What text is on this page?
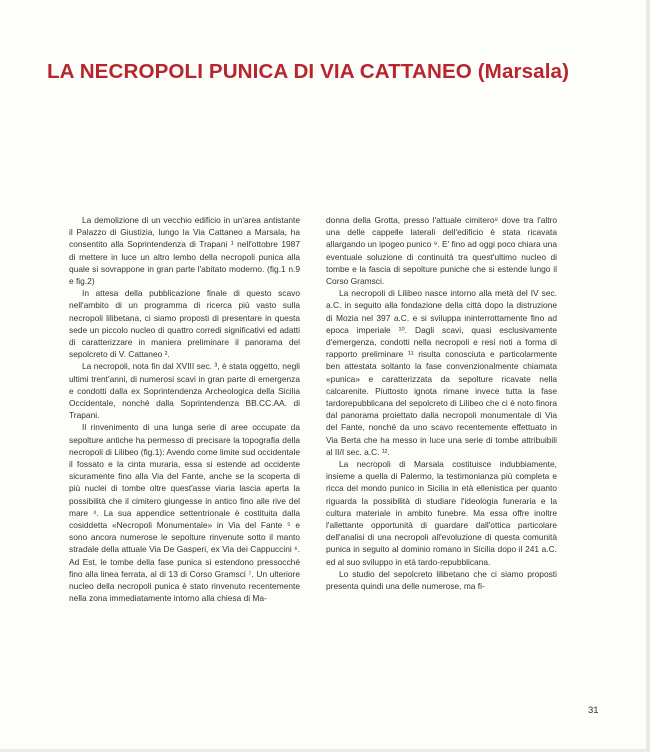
LA NECROPOLI PUNICA DI VIA CATTANEO (Marsala)

La demolizione di un vecchio edificio in un'area antistante il Palazzo di Giustizia, lungo la Via Cattaneo a Marsala, ha consentito alla Soprintendenza di Trapani ¹ nell'ottobre 1987 di mettere in luce un altro lembo della necropoli punica alla quale si sovrappone in gran parte l'abitato moderno. (fig.1 n.9 e fig.2)

In attesa della pubblicazione finale di questo scavo nell'ambito di un programma di ricerca più vasto sulla necropoli lilibetana, ci siamo proposti di presentare in questa sede un piccolo nucleo di quattro corredi significativi ed adatti di caratterizzare in maniera preliminare il panorama del sepolcreto di V. Cattaneo ².

La necropoli, nota fin dal XVIII sec. ³, è stata oggetto, negli ultimi trent'anni, di numerosi scavi in gran parte di emergenza e condotti dalla ex Soprintendenza Archeologica della Sicilia Occidentale, nonché dalla Soprintendenza BB.CC.AA. di Trapani.

Il rinvenimento di una lunga serie di aree occupate da sepolture antiche ha permesso di precisare la topografia della necropoli di Lilibeo (fig.1): Avendo come limite sud occidentale il fossato e la cinta muraria, essa si estende ad occidente sicuramente fino alla Via del Fante, anche se la scoperta di più nuclei di tombe oltre quest'asse viaria lascia aperta la possibilità che il cimitero giungesse in antico fino alle rive del mare ⁴. La sua appendice settentrionale è costituita dalla cosiddetta «Necropoli Monumentale» in Via del Fante ⁵ e sono ancora numerose le sepolture rinvenute sotto il manto stradale della attuale Via De Gasperi, ex Via dei Cappuccini ⁶. Ad Est, le tombe della fase punica si estendono pressocché fino alla linea ferrata, al di 13 di Corso Gramsci ⁷. Un ulteriore nucleo della necropoli punica è stato rinvenuto recentemente nella zona immediatamente intorno alla chiesa di Ma-

donna della Grotta, presso l'attuale cimitero⁸ dove tra l'altro una delle cappelle laterali dell'edificio è stata ricavata allargando un ipogeo punico ⁹. E' fino ad oggi poco chiara una eventuale soluzione di continuità tra quest'ultimo nucleo di tombe e la fascia di sepolture puniche che si estende lungo il Corso Gramsci.

La necropoli di Lilibeo nasce intorno alla metà del IV sec. a.C. in seguito alla fondazione della città dopo la distruzione di Mozia nel 397 a.C. e si sviluppa ininterrottamente fino ad epoca imperiale ¹⁰. Dagli scavi, quasi esclusivamente d'emergenza, condotti nella necropoli e resi noti a forma di rapporto preliminare ¹¹ risulta conosciuta e particolarmente ben attestata soltanto la fase convenzionalmente chiamata «punica» e caratterizzata da sepolture ricavate nella calcarenite. Piuttosto ignota rimane invece tutta la fase tardorepubblicana del sepolcreto di Lilibeo che ci è noto finora dal panorama proiettato dalla necropoli monumentale di Via del Fante, nonché da uno scavo recentemente effettuato in Via Berta che ha messo in luce una serie di tombe attribuibili al II/I sec. a.C. ¹².

La necropoli di Marsala costituisce indubbiamente, insieme a quella di Palermo, la testimonianza più completa e ricca del mondo punico in Sicilia in età ellenistica per quanto riguarda la possibilità di studiare l'ideologia funeraria e la cultura materiale in ambito funebre. Ma essa offre inoltre l'allettante opportunità di guardare dall'ottica particolare dell'analisi di una necropoli all'evoluzione di questa comunità punica in seguito al dominio romano in Sicilia dopo il 241 a.C. ed al suo sviluppo in età tardo-repubblicana.

Lo studio del sepolcreto lilibetano che ci siamo proposti presenta quindi una delle numerose, ma fi-

31
